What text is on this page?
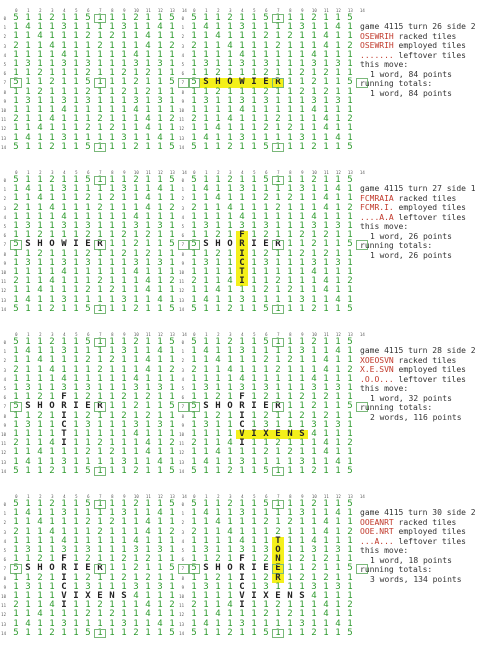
0	1	2	3	4	5	6	7	8	9	10	11	12	13	14
0 5 1 1 2 1 1 5 1 1 1 2 1 1 5
1 1 4 1 1 3 1 1 1 1 3 1 1 4 1
2 1 1 4 1 1 1 2 1 2 1 1 4 1 1
3 2 1 1 4 1 1 1 2 1 1 1 4 1 2
4 1 1 1 1 4 1 1 1 1 1 4 1 1 1
5 1 3 1 1 3 1 3 1 1 1 3 1 3 1
6 1 1 2 1 1 1 2 1 1 2 1 2 1 1
7 5 1 1 2 1 1 5 1 1 1 2 1 1 5
8 1 1 2 1 1 1 2 1 1 2 1 2 1 1
9 1 3 1 1 3 1 3 1 1 1 3 1 3 1
10 1 1 1 1 4 1 1 1 1 1 4 1 1 1
11 2 1 1 4 1 1 1 2 1 1 1 4 1 2
12 1 1 4 1 1 1 2 1 2 1 1 4 1 1
13 1 4 1 1 3 1 1 1 1 3 1 1 4 1
14 5 1 1 2 1 1 5 1 1 1 2 1 1 5
0	1	2	3	4	5	6	7	8	9	10	11	12	13	14
0 5 1 1 2 1 1 5 1 1 1 2 1 1 5
1 1 4 1 1 3 1 1 1 1 3 1 1 4 1
2 1 1 4 1 1 1 2 1 2 1 1 4 1 1
3 2 1 1 4 1 1 1 2 1 1 1 4 1 2
4 1 1 1 1 4 1 1 1 1 1 4 1 1 1
5 1 3 1 1 3 1 3 1 1 1 3 1 3 1
6 1 1 2 1 1 1 2 1 1 2 1 2 1 1
7 5 S H O W I E R 1 1 2 1 1 5
8 1 1 2 1 1 1 2 1 1 2 1 2 1 1
9 1 3 1 1 3 1 3 1 1 1 3 1 3 1
10 1 1 1 1 4 1 1 1 1 1 4 1 1 1
11 2 1 1 4 1 1 1 2 1 1 1 4 1 2
12 1 1 4 1 1 1 2 1 2 1 1 4 1 1
13 1 4 1 1 3 1 1 1 1 3 1 1 4 1
14 5 1 1 2 1 1 5 1 1 1 2 1 1 5
0	1	2	3	4	5	6	7	8	9	10	11	12	13	14
0 5 1 1 2 1 1 5 1 1 1 2 1 1 5
1 1 4 1 1 3 1 1 1 1 3 1 1 4 1
2 1 1 4 1 1 1 2 1 2 1 1 4 1 1
3 2 1 1 4 1 1 1 2 1 1 1 4 1 2
4 1 1 1 1 4 1 1 1 1 1 4 1 1 1
5 1 3 1 1 3 1 3 1 1 1 3 1 3 1
6 1 1 2 1 1 1 2 1 1 2 1 2 1 1
7 5 S H O W I E R 1 1 2 1 1 5
8 1 1 2 1 1 1 2 1 1 2 1 2 1 1
9 1 3 1 1 3 1 3 1 1 1 3 1 3 1
10 1 1 1 1 4 1 1 1 1 1 4 1 1 1
11 2 1 1 4 1 1 1 2 1 1 1 4 1 2
12 1 1 4 1 1 1 2 1 2 1 1 4 1 1
13 1 4 1 1 3 1 1 1 1 3 1 1 4 1
14 5 1 1 2 1 1 5 1 1 1 2 1 1 5
0	1	2	3	4	5	6	7	8	9	10	11	12	13	14
0 5 1 1 2 1 1 5 1 1 1 2 1 1 5
1 1 4 1 1 3 1 1 1 1 3 1 1 4 1
2 1 1 4 1 1 1 2 1 2 1 1 4 1 1
3 2 1 1 4 1 1 1 2 1 1 1 4 1 2
4 1 1 1 1 4 1 1 1 1 1 4 1 1 1
5 1 3 1 1 3 1 3 1 1 1 3 1 3 1
6 1 1 2 1 F 1 2 1 1 2 1 2 1 1
7 5 S H O R I E R 1 1 2 1 1 5
8 1 1 2 1 I 1 2 1 1 2 1 2 1 1
9 1 3 1 1 C 1 3 1 1 1 3 1 3 1
10 1 1 1 1 T 1 1 1 1 1 4 1 1 1
11 2 1 1 4 I 1 1 2 1 1 1 4 1 2
12 1 1 4 1 1 1 2 1 2 1 1 4 1 1
13 1 4 1 1 3 1 1 1 1 3 1 1 4 1
14 5 1 1 2 1 1 5 1 1 1 2 1 1 5
0	1	2	3	4	5	6	7	8	9	10	11	12	13	14
0 5 1 1 2 1 1 5 1 1 1 2 1 1 5
1 1 4 1 1 3 1 1 1 1 3 1 1 4 1
2 1 1 4 1 1 1 2 1 2 1 1 4 1 1
3 2 1 1 4 1 1 1 2 1 1 1 4 1 2
4 1 1 1 1 4 1 1 1 1 1 4 1 1 1
5 1 3 1 1 3 1 3 1 1 1 3 1 3 1
6 1 1 2 1 F 1 2 1 1 2 1 2 1 1
7 5 S H O R I E R 1 1 2 1 1 5
8 1 1 2 1 I 1 2 1 1 2 1 2 1 1
9 1 3 1 1 C 1 3 1 1 1 3 1 3 1
10 1 1 1 1 T 1 1 1 1 1 4 1 1 1
11 2 1 1 4 I 1 1 2 1 1 1 4 1 2
12 1 1 4 1 1 1 2 1 2 1 1 4 1 1
13 1 4 1 1 3 1 1 1 1 3 1 1 4 1
14 5 1 1 2 1 1 5 1 1 1 2 1 1 5
0	1	2	3	4	5	6	7	8	9	10	11	12	13	14
0 5 1 1 2 1 1 5 1 1 1 2 1 1 5
1 1 4 1 1 3 1 1 1 1 3 1 1 4 1
2 1 1 4 1 1 1 2 1 2 1 1 4 1 1
3 2 1 1 4 1 1 1 2 1 1 1 4 1 2
4 1 1 1 1 4 1 1 1 1 1 4 1 1 1
5 1 3 1 1 3 1 3 1 1 1 3 1 3 1
6 1 1 2 1 F 1 2 1 1 2 1 2 1 1
7 5 S H O R I E R 1 1 2 1 1 5
8 1 1 2 1 I 1 2 1 1 2 1 2 1 1
9 1 3 1 1 C 1 3 1 1 1 3 1 3 1
10 1 1 1 1 V I X E N S 4 1 1 1
11 2 1 1 4 I 1 1 2 1 1 1 4 1 2
12 1 1 4 1 1 1 2 1 2 1 1 4 1 1
13 1 4 1 1 3 1 1 1 1 3 1 1 4 1
14 5 1 1 2 1 1 5 1 1 1 2 1 1 5
0	1	2	3	4	5	6	7	8	9	10	11	12	13	14
0 5 1 1 2 1 1 5 1 1 1 2 1 1 5
1 1 4 1 1 3 1 1 1 1 3 1 1 4 1
2 1 1 4 1 1 1 2 1 2 1 1 4 1 1
3 2 1 1 4 1 1 1 2 1 1 1 4 1 2
4 1 1 1 1 4 1 1 1 1 1 4 1 1 1
5 1 3 1 1 3 1 3 1 1 1 3 1 3 1
6 1 1 2 1 F 1 2 1 1 2 1 2 1 1
7 5 S H O R I E R 1 1 2 1 1 5
8 1 1 2 1 I 1 2 1 1 2 1 2 1 1
9 1 3 1 1 C 1 3 1 1 1 3 1 3 1
10 1 1 1 1 V I X E N S 4 1 1 1
11 2 1 1 4 I 1 1 2 1 1 1 4 1 2
12 1 1 4 1 1 1 2 1 2 1 1 4 1 1
13 1 4 1 1 3 1 1 1 1 3 1 1 4 1
14 5 1 1 2 1 1 5 1 1 1 2 1 1 5
0	1	2	3	4	5	6	7	8	9	10	11	12	13	14
0 5 1 1 2 1 1 5 1 1 1 2 1 1 5
1 1 4 1 1 3 1 1 1 1 3 1 1 4 1
2 1 1 4 1 1 1 2 1 2 1 1 4 1 1
3 2 1 1 4 1 1 1 2 1 1 1 4 1 2
4 1 1 1 1 4 1 1 T 1 1 4 1 1 1
5 1 3 1 1 3 1 3 O 1 1 3 1 3 1
6 1 1 2 1 F 1 2 N 1 2 1 2 1 1
7 5 S H O R I E E 1 1 2 1 1 5
8 1 1 2 1 I 1 2 R 1 2 1 2 1 1
9 1 3 1 1 C 1 3 1 1 1 3 1 3 1
10 1 1 1 1 V I X E N S 4 1 1 1
11 2 1 1 4 I 1 1 2 1 1 1 4 1 2
12 1 1 4 1 1 1 2 1 2 1 1 4 1 1
13 1 4 1 1 3 1 1 1 1 3 1 1 4 1
14 5 1 1 2 1 1 5 1 1 1 2 1 1 5
game 4115 turn 26 side 2
OSEWRIH racked tiles
OSEWRIH employed tiles
....... leftover tiles
this move:
1 word, 84 points
running totals:
1 word, 84 points
game 4115 turn 27 side 1
FCMRAIA racked tiles
FCMR.I. employed tiles
....A.A leftover tiles
this move:
1 word, 26 points
running totals:
1 word, 26 points
game 4115 turn 28 side 2
XOEOSVN racked tiles
X.E.SVN employed tiles
.O.O... leftover tiles
this move:
1 word, 32 points
running totals:
2 words, 116 points
game 4115 turn 30 side 2
OOEANRT racked tiles
OOE.NRT employed tiles
...A... leftover tiles
this move:
1 word, 18 points
running totals:
3 words, 134 points
